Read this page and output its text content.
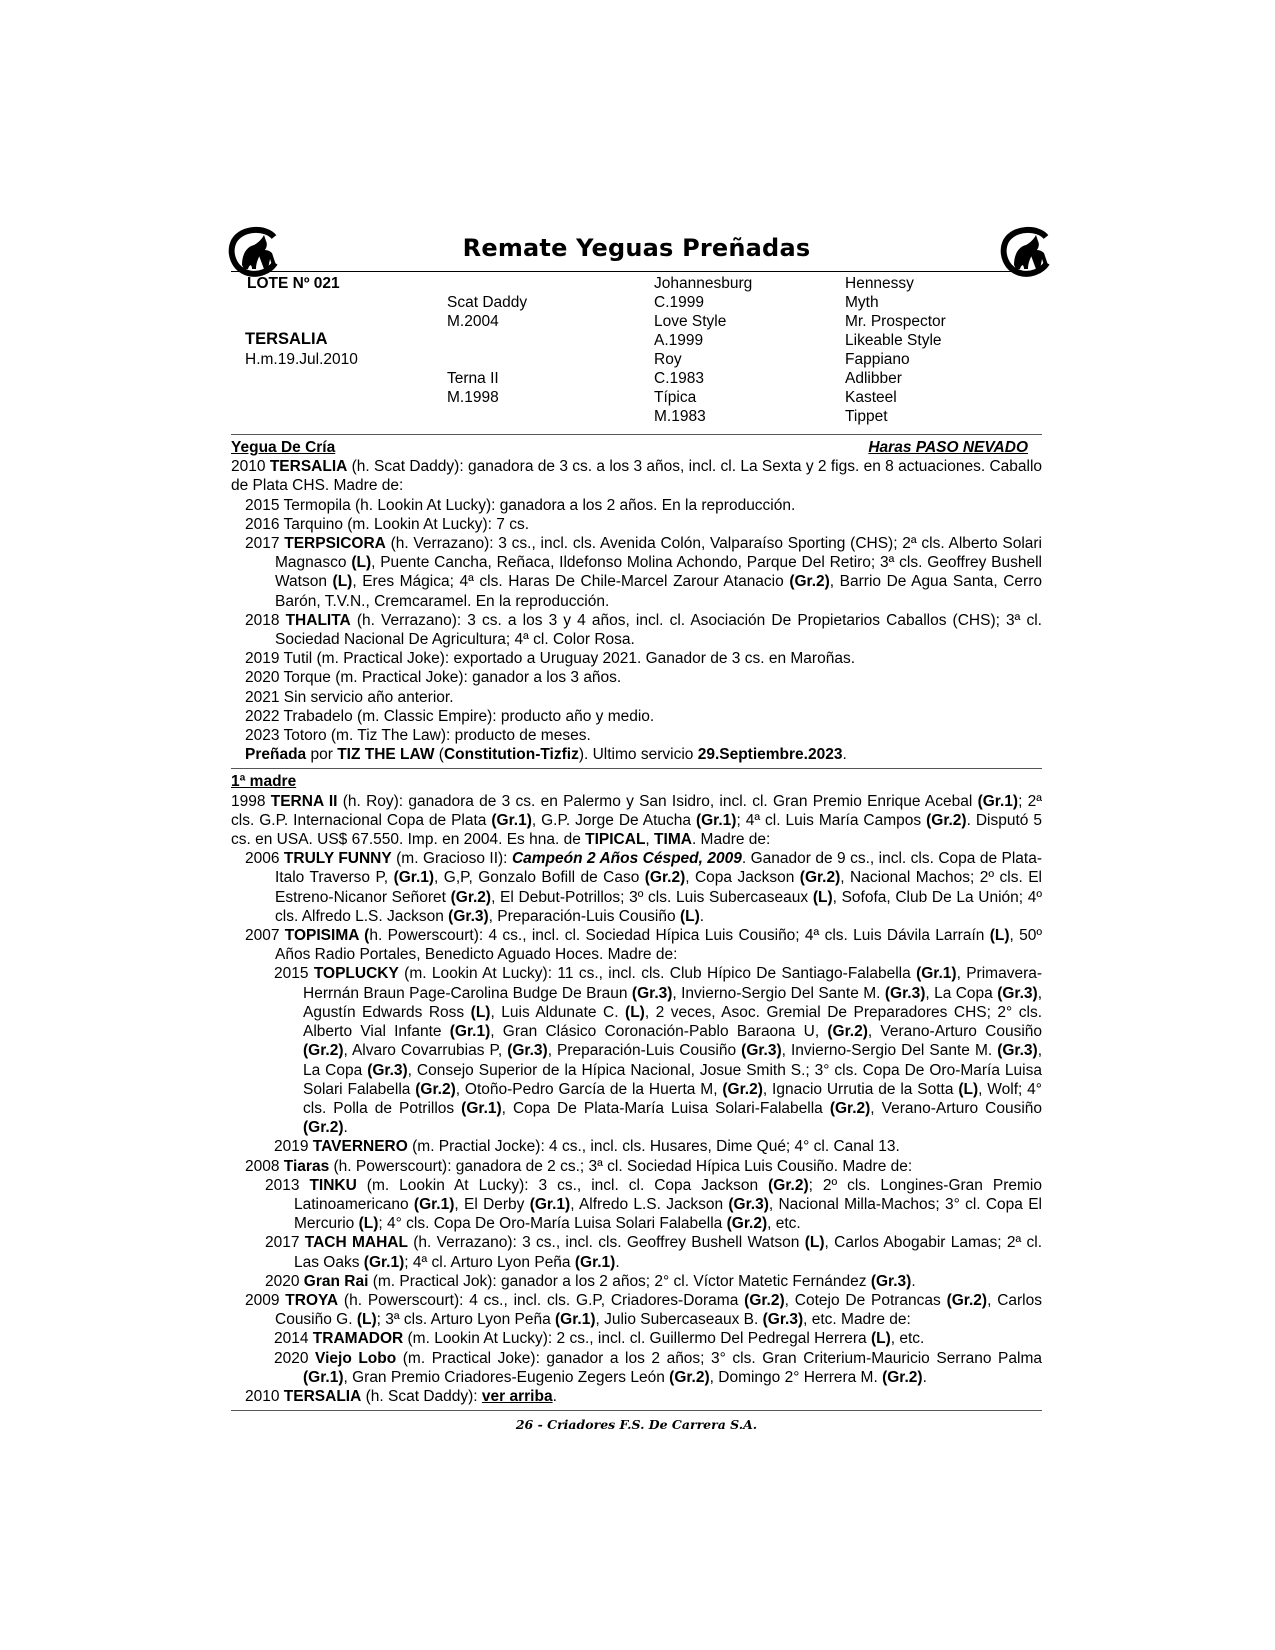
Remate Yeguas Preñadas
LOTE Nº 021
TERSALIA
H.m.19.Jul.2010
Scat Daddy
M.2004
Terna II
M.1998
Johannesburg
C.1999
Love Style
A.1999
Roy
C.1983
Típica
M.1983
Hennessy
Myth
Mr. Prospector
Likeable Style
Fappiano
Adlibber
Kasteel
Tippet
Yegua De Cría	Haras PASO NEVADO

2010 TERSALIA (h. Scat Daddy): ganadora de 3 cs. a los 3 años, incl. cl. La Sexta y 2 figs. en 8 actuaciones. Caballo de Plata CHS. Madre de:

2015 Termopila (h. Lookin At Lucky): ganadora a los 2 años. En la reproducción.

2016 Tarquino (m. Lookin At Lucky): 7 cs.

2017 TERPSICORA (h. Verrazano): 3 cs., incl. cls. Avenida Colón, Valparaíso Sporting (CHS); 2ª cls. Alberto Solari Magnasco (L), Puente Cancha, Reñaca, Ildefonso Molina Achondo, Parque Del Retiro; 3ª cls. Geoffrey Bushell Watson (L), Eres Mágica; 4ª cls. Haras De Chile-Marcel Zarour Atanacio (Gr.2), Barrio De Agua Santa, Cerro Barón, T.V.N., Cremcaramel. En la reproducción.

2018 THALITA (h. Verrazano): 3 cs. a los 3 y 4 años, incl. cl. Asociación De Propietarios Caballos (CHS); 3ª cl. Sociedad Nacional De Agricultura; 4ª cl. Color Rosa.

2019 Tutil (m. Practical Joke): exportado a Uruguay 2021. Ganador de 3 cs. en Maroñas.

2020 Torque (m. Practical Joke): ganador a los 3 años.

2021 Sin servicio año anterior.

2022 Trabadelo (m. Classic Empire): producto año y medio.

2023 Totoro (m. Tiz The Law): producto de meses.

Preñada por TIZ THE LAW (Constitution-Tizfiz). Ultimo servicio 29.Septiembre.2023.

1ª madre

1998 TERNA II (h. Roy): ganadora de 3 cs. en Palermo y San Isidro, incl. cl. Gran Premio Enrique Acebal (Gr.1); 2ª cls. G.P. Internacional Copa de Plata (Gr.1), G.P. Jorge De Atucha (Gr.1); 4ª cl. Luis María Campos (Gr.2). Disputó 5 cs. en USA. US$ 67.550. Imp. en 2004. Es hna. de TIPICAL, TIMA. Madre de:

2006 TRULY FUNNY (m. Gracioso II): Campeón 2 Años Césped, 2009. Ganador de 9 cs., incl. cls. Copa de Plata-Italo Traverso P, (Gr.1), G,P, Gonzalo Bofill de Caso (Gr.2), Copa Jackson (Gr.2), Nacional Machos; 2º cls. El Estreno-Nicanor Señoret (Gr.2), El Debut-Potrillos; 3º cls. Luis Subercaseaux (L), Sofofa, Club De La Unión; 4º cls. Alfredo L.S. Jackson (Gr.3), Preparación-Luis Cousiño (L).

2007 TOPISIMA (h. Powerscourt): 4 cs., incl. cl. Sociedad Hípica Luis Cousiño; 4ª cls. Luis Dávila Larraín (L), 50º Años Radio Portales, Benedicto Aguado Hoces. Madre de:

2015 TOPLUCKY (m. Lookin At Lucky): 11 cs., incl. cls. Club Hípico De Santiago-Falabella (Gr.1), Primavera-Herrnán Braun Page-Carolina Budge De Braun (Gr.3), Invierno-Sergio Del Sante M. (Gr.3), La Copa (Gr.3), Agustín Edwards Ross (L), Luis Aldunate C. (L), 2 veces, Asoc. Gremial De Preparadores CHS; 2° cls. Alberto Vial Infante (Gr.1), Gran Clásico Coronación-Pablo Baraona U, (Gr.2), Verano-Arturo Cousiño (Gr.2), Alvaro Covarrubias P, (Gr.3), Preparación-Luis Cousiño (Gr.3), Invierno-Sergio Del Sante M. (Gr.3), La Copa (Gr.3), Consejo Superior de la Hípica Nacional, Josue Smith S.; 3° cls. Copa De Oro-María Luisa Solari Falabella (Gr.2), Otoño-Pedro García de la Huerta M, (Gr.2), Ignacio Urrutia de la Sotta (L), Wolf; 4° cls. Polla de Potrillos (Gr.1), Copa De Plata-María Luisa Solari-Falabella (Gr.2), Verano-Arturo Cousiño (Gr.2).

2019 TAVERNERO (m. Practial Jocke): 4 cs., incl. cls. Husares, Dime Qué; 4° cl. Canal 13.

2008 Tiaras (h. Powerscourt): ganadora de 2 cs.; 3ª cl. Sociedad Hípica Luis Cousiño. Madre de:

2013 TINKU (m. Lookin At Lucky): 3 cs., incl. cl. Copa Jackson (Gr.2); 2º cls. Longines-Gran Premio Latinoamericano (Gr.1), El Derby (Gr.1), Alfredo L.S. Jackson (Gr.3), Nacional Milla-Machos; 3° cl. Copa El Mercurio (L); 4° cls. Copa De Oro-María Luisa Solari Falabella (Gr.2), etc.

2017 TACH MAHAL (h. Verrazano): 3 cs., incl. cls. Geoffrey Bushell Watson (L), Carlos Abogabir Lamas; 2ª cl. Las Oaks (Gr.1); 4ª cl. Arturo Lyon Peña (Gr.1).

2020 Gran Rai (m. Practical Jok): ganador a los 2 años; 2° cl. Víctor Matetic Fernández (Gr.3).

2009 TROYA (h. Powerscourt): 4 cs., incl. cls. G.P, Criadores-Dorama (Gr.2), Cotejo De Potrancas (Gr.2), Carlos Cousiño G. (L); 3ª cls. Arturo Lyon Peña (Gr.1), Julio Subercaseaux B. (Gr.3), etc. Madre de:

2014 TRAMADOR (m. Lookin At Lucky): 2 cs., incl. cl. Guillermo Del Pedregal Herrera (L), etc.

2020 Viejo Lobo (m. Practical Joke): ganador a los 2 años; 3° cls. Gran Criterium-Mauricio Serrano Palma (Gr.1), Gran Premio Criadores-Eugenio Zegers León (Gr.2), Domingo 2° Herrera M. (Gr.2).

2010 TERSALIA (h. Scat Daddy): ver arriba.

26 - Criadores F.S. De Carrera S.A.
